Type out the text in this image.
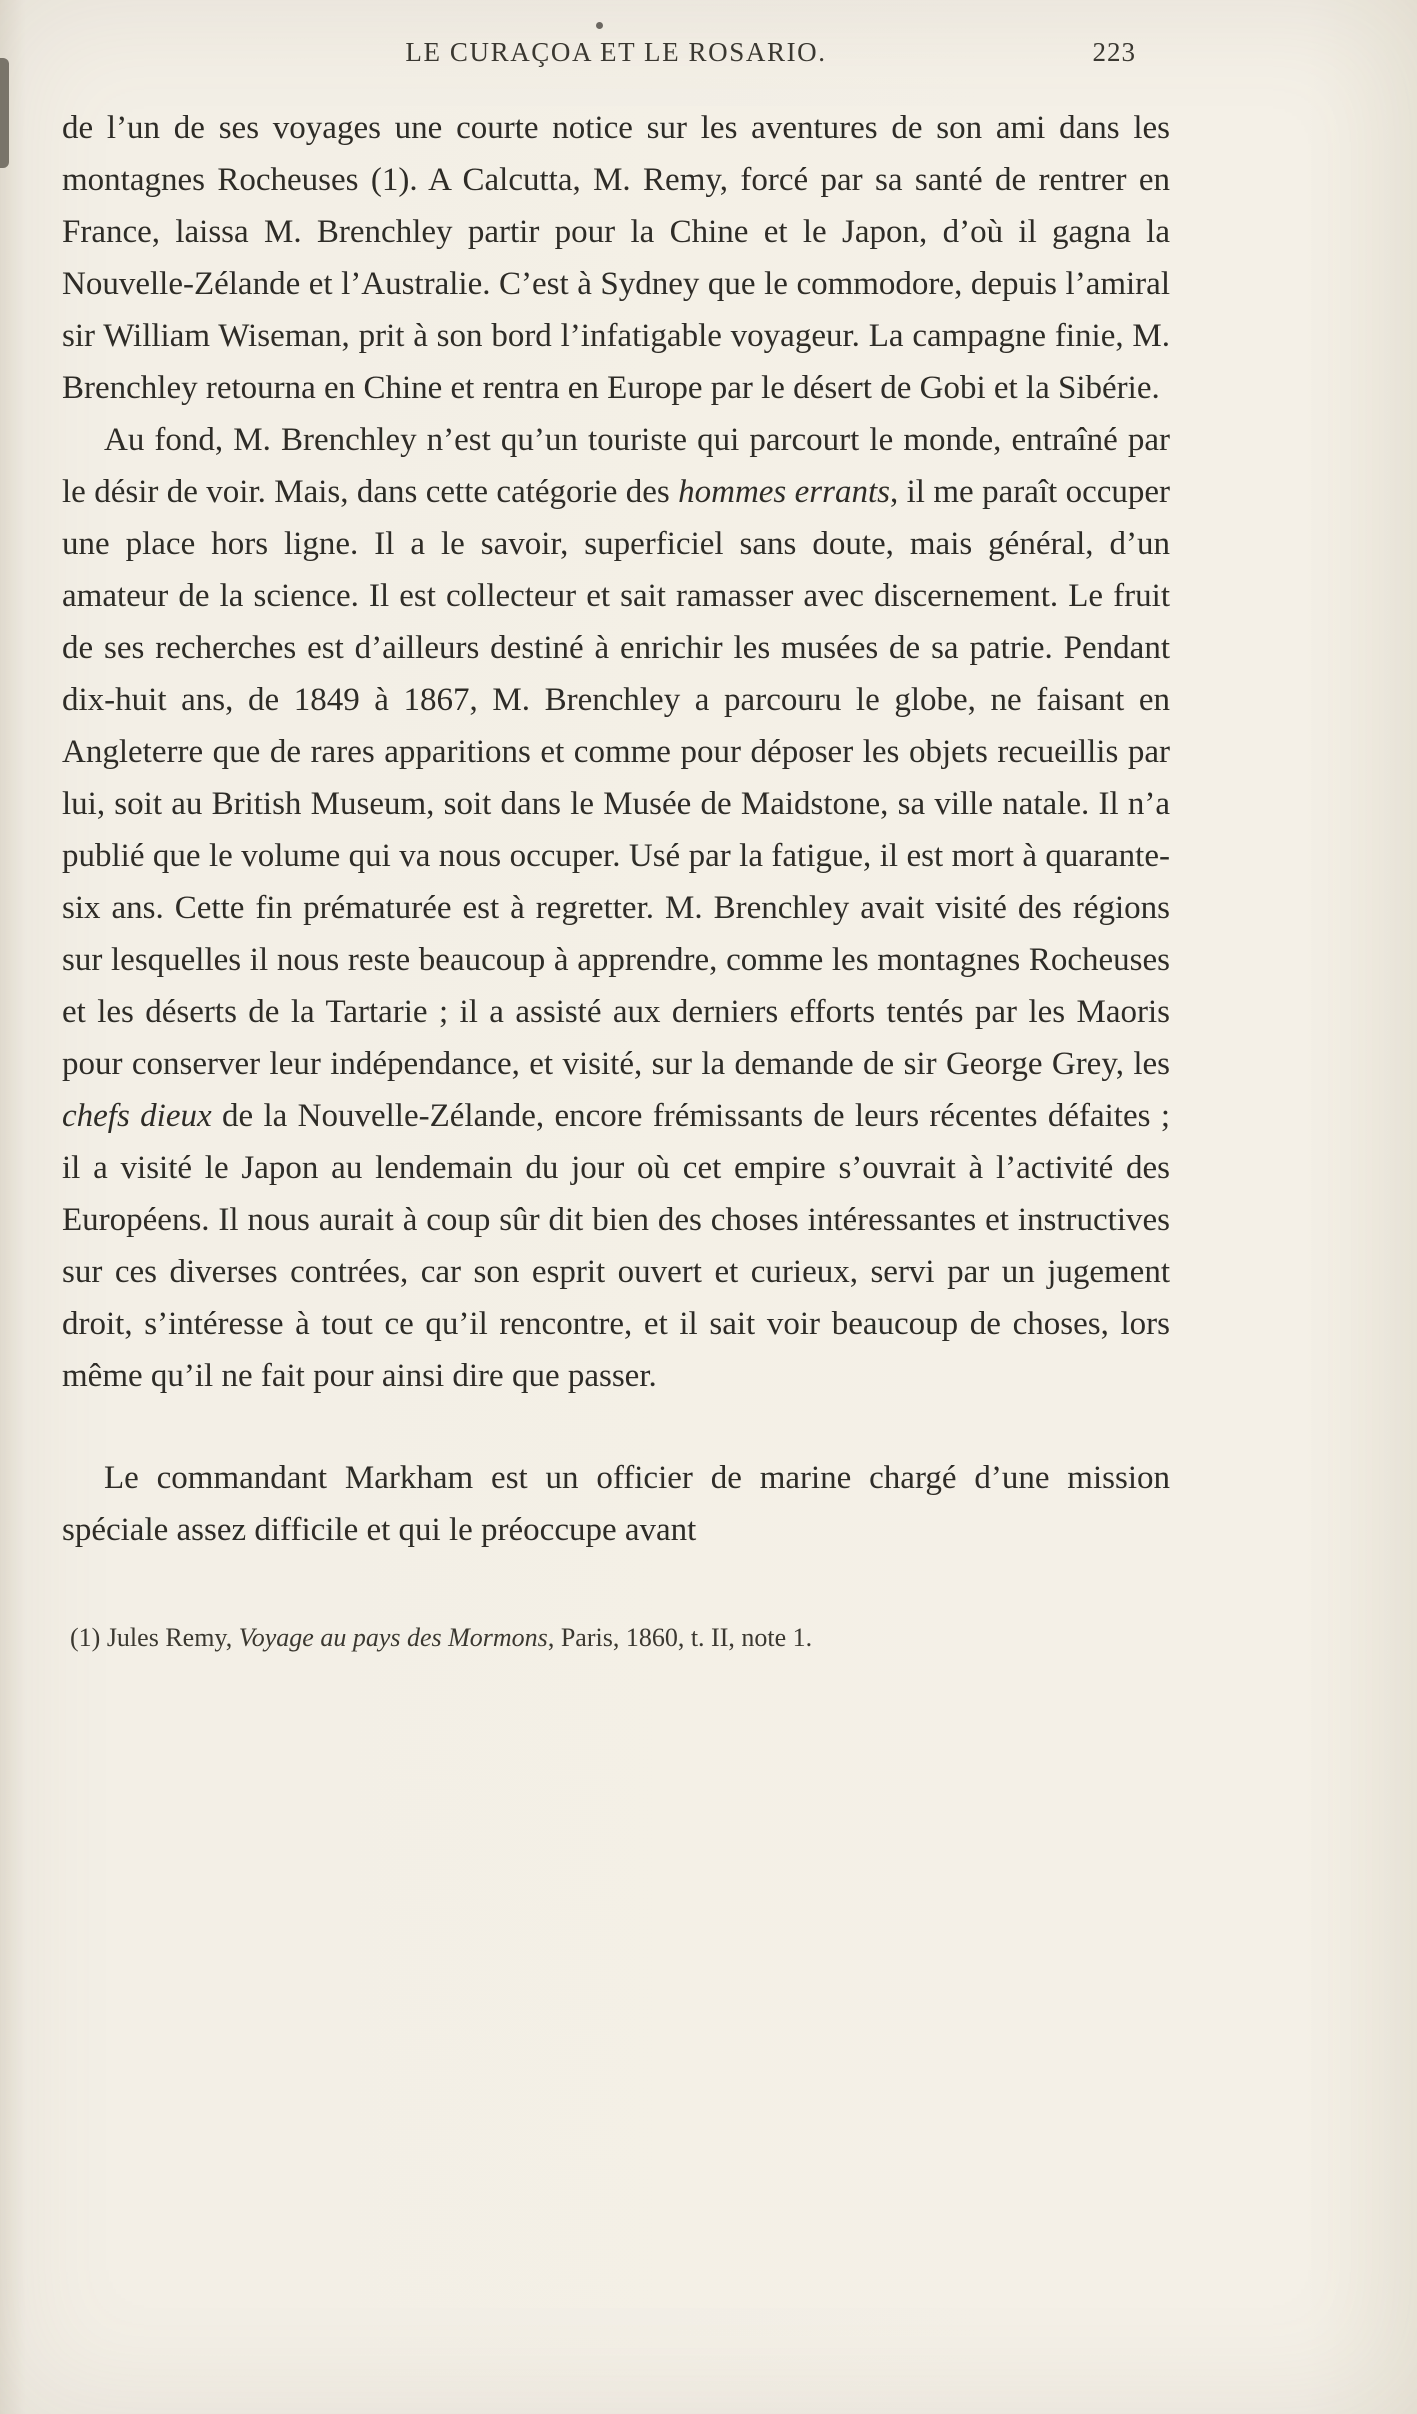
LE CURAÇOA ET LE ROSARIO.	223

de l’un de ses voyages une courte notice sur les aventures de son ami dans les montagnes Rocheuses (1). A Calcutta, M. Remy, forcé par sa santé de rentrer en France, laissa M. Brenchley partir pour la Chine et le Japon, d’où il gagna la Nouvelle-Zélande et l’Australie. C’est à Sydney que le commodore, depuis l’amiral sir William Wiseman, prit à son bord l’infatigable voyageur. La campagne finie, M. Brenchley retourna en Chine et rentra en Europe par le désert de Gobi et la Sibérie.

Au fond, M. Brenchley n’est qu’un touriste qui parcourt le monde, entraîné par le désir de voir. Mais, dans cette catégorie des hommes errants, il me paraît occuper une place hors ligne. Il a le savoir, superficiel sans doute, mais général, d’un amateur de la science. Il est collecteur et sait ramasser avec discernement. Le fruit de ses recherches est d’ailleurs destiné à enrichir les musées de sa patrie. Pendant dix-huit ans, de 1849 à 1867, M. Brenchley a parcouru le globe, ne faisant en Angleterre que de rares apparitions et comme pour déposer les objets recueillis par lui, soit au British Museum, soit dans le Musée de Maidstone, sa ville natale. Il n’a publié que le volume qui va nous occuper. Usé par la fatigue, il est mort à quarante-six ans. Cette fin prématurée est à regretter. M. Brenchley avait visité des régions sur lesquelles il nous reste beaucoup à apprendre, comme les montagnes Rocheuses et les déserts de la Tartarie ; il a assisté aux derniers efforts tentés par les Maoris pour conserver leur indépendance, et visité, sur la demande de sir George Grey, les chefs dieux de la Nouvelle-Zélande, encore frémissants de leurs récentes défaites ; il a visité le Japon au lendemain du jour où cet empire s’ouvrait à l’activité des Européens. Il nous aurait à coup sûr dit bien des choses intéressantes et instructives sur ces diverses contrées, car son esprit ouvert et curieux, servi par un jugement droit, s’intéresse à tout ce qu’il rencontre, et il sait voir beaucoup de choses, lors même qu’il ne fait pour ainsi dire que passer.

Le commandant Markham est un officier de marine chargé d’une mission spéciale assez difficile et qui le préoccupe avant

(1) Jules Remy, Voyage au pays des Mormons, Paris, 1860, t. II, note 1.
